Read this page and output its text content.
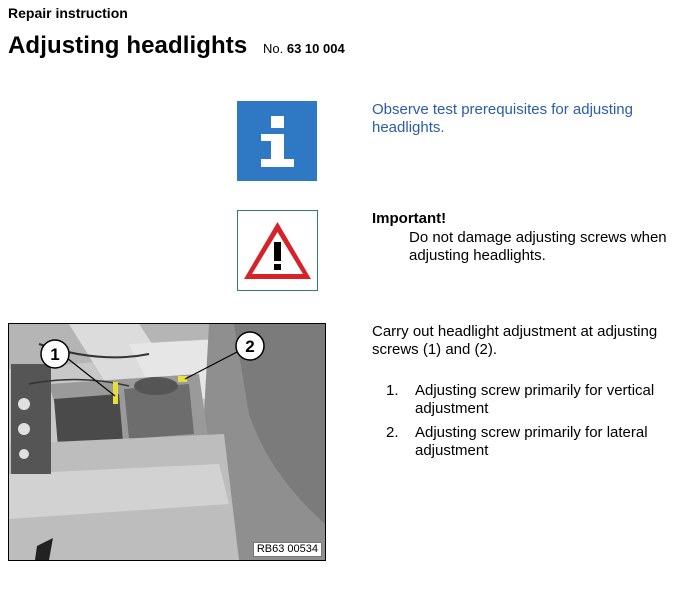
Repair instruction
Adjusting headlights No. 63 10 004
Observe test prerequisites for adjusting headlights.
Important!
Do not damage adjusting screws when adjusting headlights.
1	2
RB63 00534
Carry out headlight adjustment at adjusting screws (1) and (2).
1. Adjusting screw primarily for vertical adjustment
2. Adjusting screw primarily for lateral adjustment
